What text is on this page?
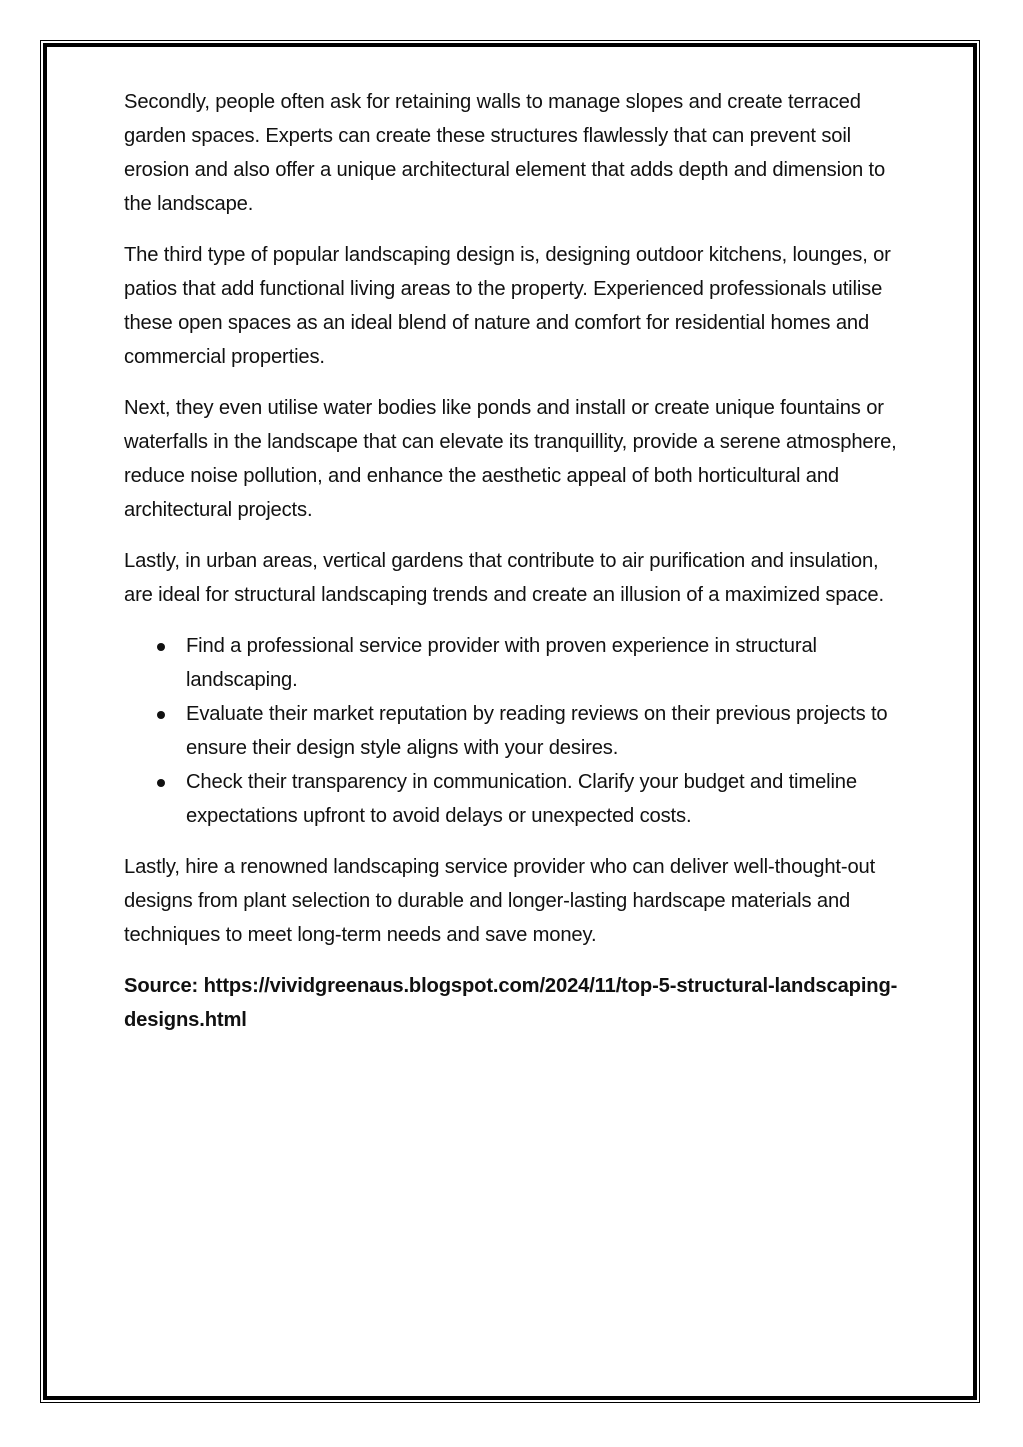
Secondly, people often ask for retaining walls to manage slopes and create terraced garden spaces. Experts can create these structures flawlessly that can prevent soil erosion and also offer a unique architectural element that adds depth and dimension to the landscape.

The third type of popular landscaping design is, designing outdoor kitchens, lounges, or patios that add functional living areas to the property. Experienced professionals utilise these open spaces as an ideal blend of nature and comfort for residential homes and commercial properties.

Next, they even utilise water bodies like ponds and install or create unique fountains or waterfalls in the landscape that can elevate its tranquillity, provide a serene atmosphere, reduce noise pollution, and enhance the aesthetic appeal of both horticultural and architectural projects.

Lastly, in urban areas, vertical gardens that contribute to air purification and insulation, are ideal for structural landscaping trends and create an illusion of a maximized space.

Find a professional service provider with proven experience in structural landscaping.
Evaluate their market reputation by reading reviews on their previous projects to ensure their design style aligns with your desires.
Check their transparency in communication. Clarify your budget and timeline expectations upfront to avoid delays or unexpected costs.

Lastly, hire a renowned landscaping service provider who can deliver well-thought-out designs from plant selection to durable and longer-lasting hardscape materials and techniques to meet long-term needs and save money.

Source: https://vividgreenaus.blogspot.com/2024/11/top-5-structural-landscaping-designs.html
